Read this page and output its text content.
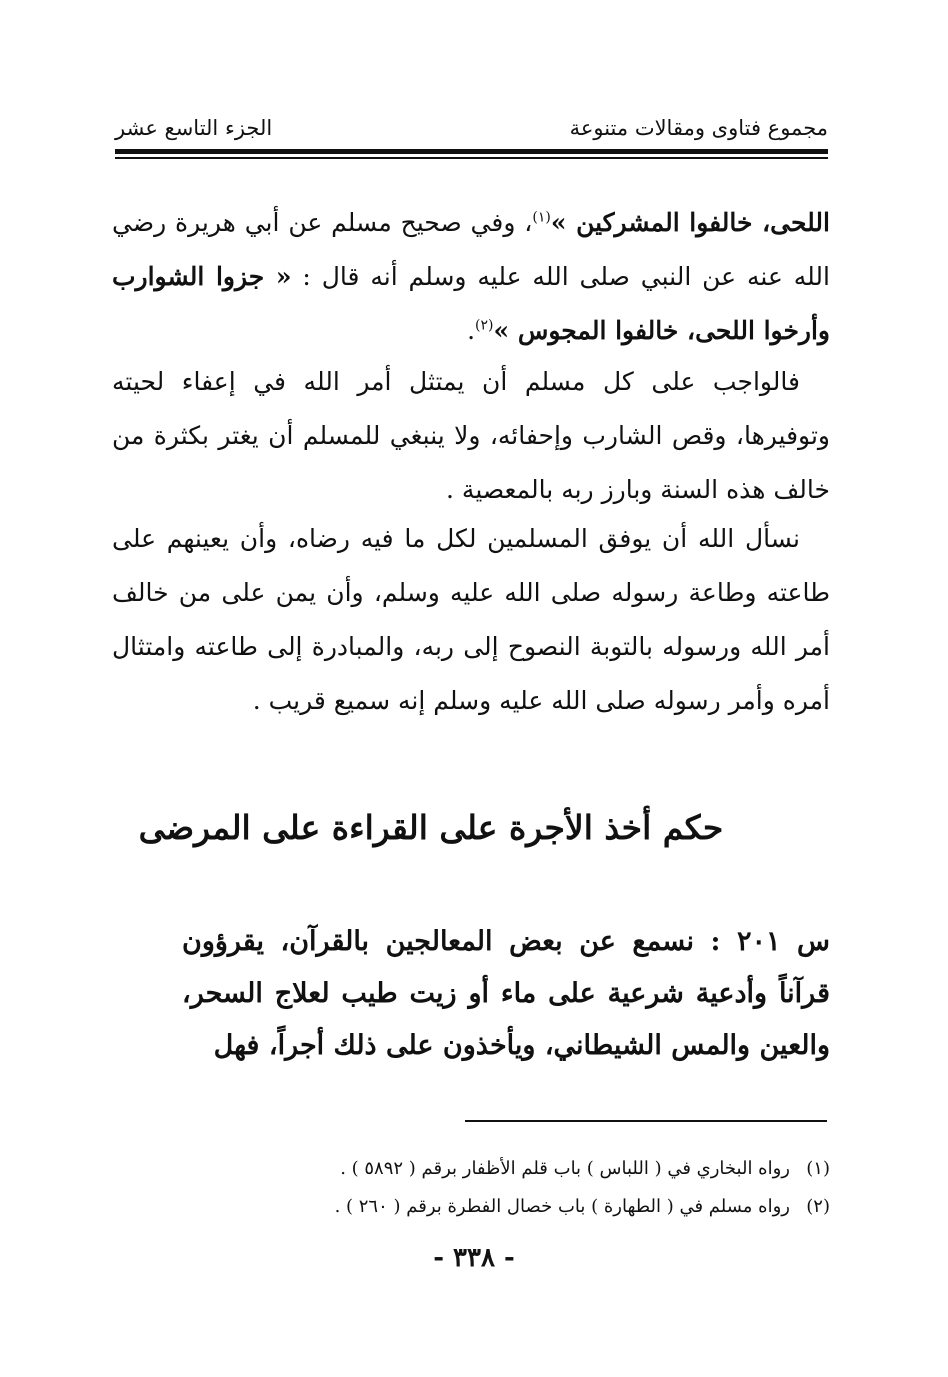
مجموع فتاوى ومقالات متنوعة
الجزء التاسع عشر

اللحى، خالفوا المشركين »$^{(١)}$، وفي صحيح مسلم عن أبي هريرة رضي الله عنه عن النبي صلى الله عليه وسلم أنه قال : « جزوا الشوارب وأرخوا اللحى، خالفوا المجوس »$^{(٢)}$.

فالواجب على كل مسلم أن يمتثل أمر الله في إعفاء لحيته وتوفيرها، وقص الشارب وإحفائه، ولا ينبغي للمسلم أن يغتر بكثرة من خالف هذه السنة وبارز ربه بالمعصية .

نسأل الله أن يوفق المسلمين لكل ما فيه رضاه، وأن يعينهم على طاعته وطاعة رسوله صلى الله عليه وسلم، وأن يمن على من خالف أمر الله ورسوله بالتوبة النصوح إلى ربه، والمبادرة إلى طاعته وامتثال أمره وأمر رسوله صلى الله عليه وسلم إنه سميع قريب .

حكم أخذ الأجرة على القراءة على المرضى
س ٢٠١ : نسمع عن بعض المعالجين بالقرآن، يقرؤون قرآناً وأدعية شرعية على ماء أو زيت طيب لعلاج السحر، والعين والمس الشيطاني، ويأخذون على ذلك أجراً، فهل
(١)
رواه البخاري في ( اللباس ) باب قلم الأظفار برقم ( ٥٨٩٢ ) .
(٢)
رواه مسلم في ( الطهارة ) باب خصال الفطرة برقم ( ٢٦٠ ) .
- ٣٣٨ -
